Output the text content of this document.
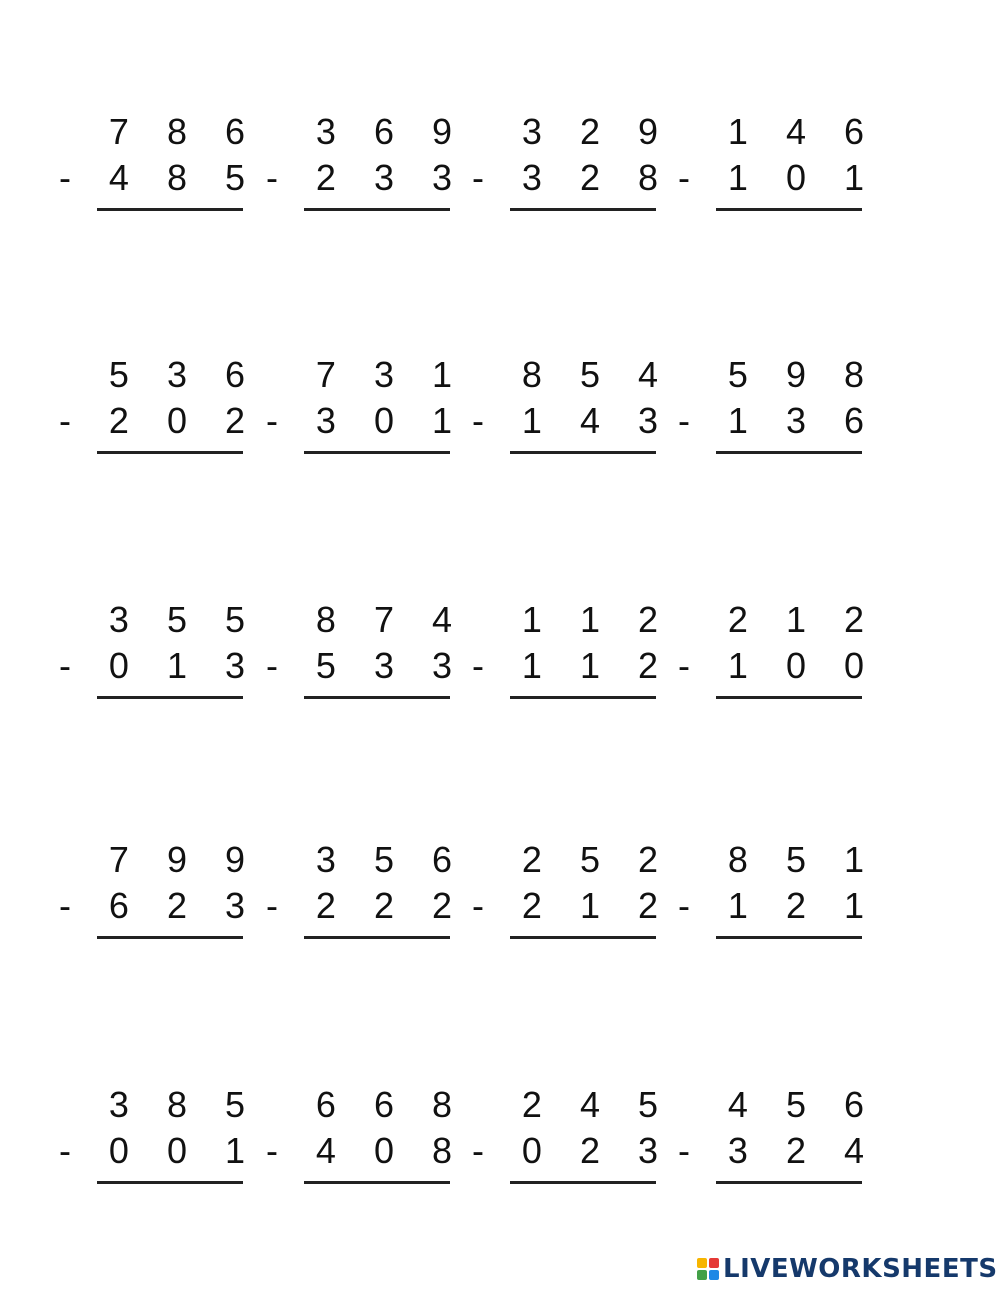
7 8 6
- 4 8 5
3 6 9
- 2 3 3
3 2 9
- 3 2 8
1 4 6
- 1 0 1
5 3 6
- 2 0 2
7 3 1
- 3 0 1
8 5 4
- 1 4 3
5 9 8
- 1 3 6
3 5 5
- 0 1 3
8 7 4
- 5 3 3
1 1 2
- 1 1 2
2 1 2
- 1 0 0
7 9 9
- 6 2 3
3 5 6
- 2 2 2
2 5 2
- 2 1 2
8 5 1
- 1 2 1
3 8 5
- 0 0 1
6 6 8
- 4 0 8
2 4 5
- 0 2 3
4 5 6
- 3 2 4
LIVEWORKSHEETS
